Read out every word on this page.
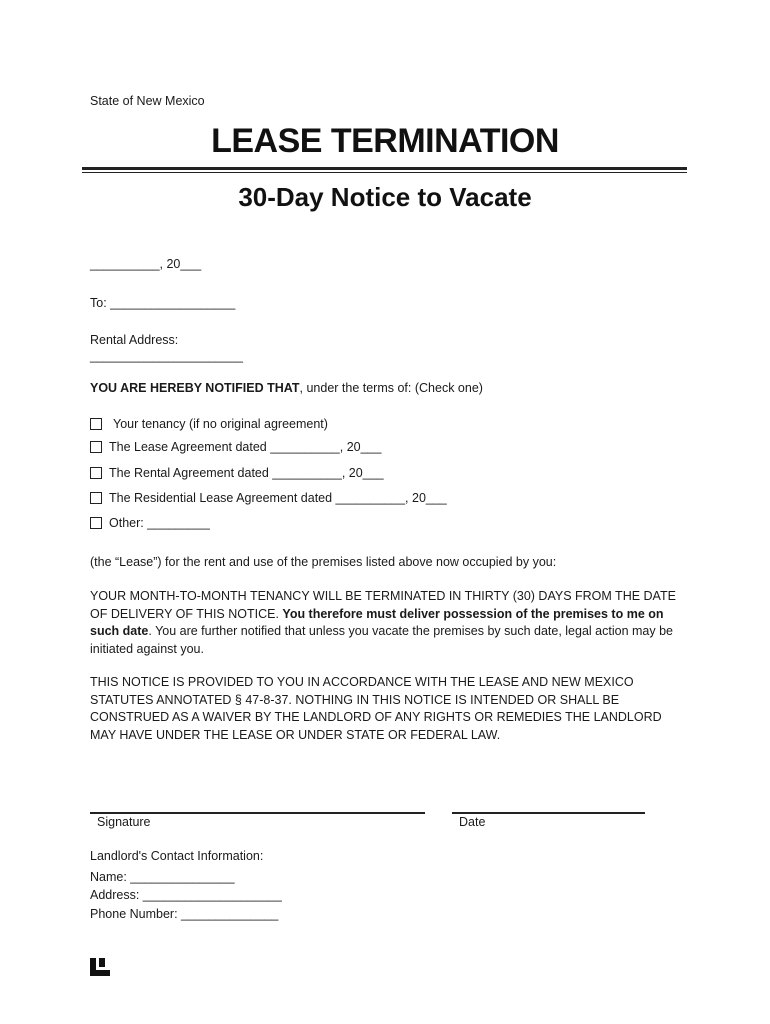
State of New Mexico
LEASE TERMINATION
30-Day Notice to Vacate
__________, 20___
To: __________________
Rental Address:
______________________
YOU ARE HEREBY NOTIFIED THAT, under the terms of: (Check one)
Your tenancy (if no original agreement)
The Lease Agreement dated __________, 20___
The Rental Agreement dated __________, 20___
The Residential Lease Agreement dated __________, 20___
Other: _________
(the “Lease”) for the rent and use of the premises listed above now occupied by you:
YOUR MONTH-TO-MONTH TENANCY WILL BE TERMINATED IN THIRTY (30) DAYS FROM THE DATE OF DELIVERY OF THIS NOTICE. You therefore must deliver possession of the premises to me on such date. You are further notified that unless you vacate the premises by such date, legal action may be initiated against you.
THIS NOTICE IS PROVIDED TO YOU IN ACCORDANCE WITH THE LEASE AND NEW MEXICO STATUTES ANNOTATED § 47-8-37. NOTHING IN THIS NOTICE IS INTENDED OR SHALL BE CONSTRUED AS A WAIVER BY THE LANDLORD OF ANY RIGHTS OR REMEDIES THE LANDLORD MAY HAVE UNDER THE LEASE OR UNDER STATE OR FEDERAL LAW.
Signature	Date
Landlord's Contact Information:
Name: _______________
Address: ____________________
Phone Number: ______________
